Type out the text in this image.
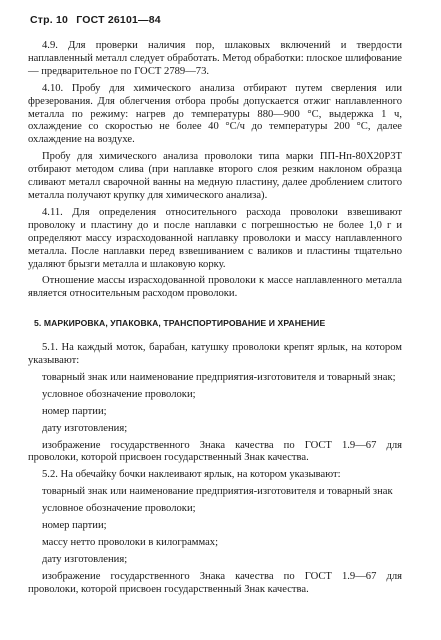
Стр. 10 ГОСТ 26101—84

4.9. Для проверки наличия пор, шлаковых включений и твердости наплавленный металл следует обработать. Метод обработки: плоское шлифование — предварительное по ГОСТ 2789—73.

4.10. Пробу для химического анализа отбирают путем сверления или фрезерования. Для облегчения отбора пробы допускается отжиг наплавленного металла по режиму: нагрев до температуры 880—900 °С, выдержка 1 ч, охлаждение со скоростью не более 40 °С/ч до температуры 200 °С, далее охлаждение на воздухе.

Пробу для химического анализа проволоки типа марки ПП-Нп-80Х20Р3Т отбирают методом слива (при наплавке второго слоя резким наклоном образца сливают металл сварочной ванны на медную пластину, далее дроблением слитого металла получают крупку для химического анализа).

4.11. Для определения относительного расхода проволоки взвешивают проволоку и пластину до и после наплавки с погрешностью не более 1,0 г и определяют массу израсходованной наплавку проволоки и массу наплавленного металла. После наплавки перед взвешиванием с валиков и пластины тщательно удаляют брызги металла и шлаковую корку.

Отношение массы израсходованной проволоки к массе наплавленного металла является относительным расходом проволоки.

5. МАРКИРОВКА, УПАКОВКА, ТРАНСПОРТИРОВАНИЕ И ХРАНЕНИЕ

5.1. На каждый моток, барабан, катушку проволоки крепят ярлык, на котором указывают:

товарный знак или наименование предприятия-изготовителя и товарный знак;

условное обозначение проволоки;

номер партии;

дату изготовления;

изображение государственного Знака качества по ГОСТ 1.9—67 для проволоки, которой присвоен государственный Знак качества.

5.2. На обечайку бочки наклеивают ярлык, на котором указывают:

товарный знак или наименование предприятия-изготовителя и товарный знак

условное обозначение проволоки;

номер партии;

массу нетто проволоки в килограммах;

дату изготовления;

изображение государственного Знака качества по ГОСТ 1.9—67 для проволоки, которой присвоен государственный Знак качества.
